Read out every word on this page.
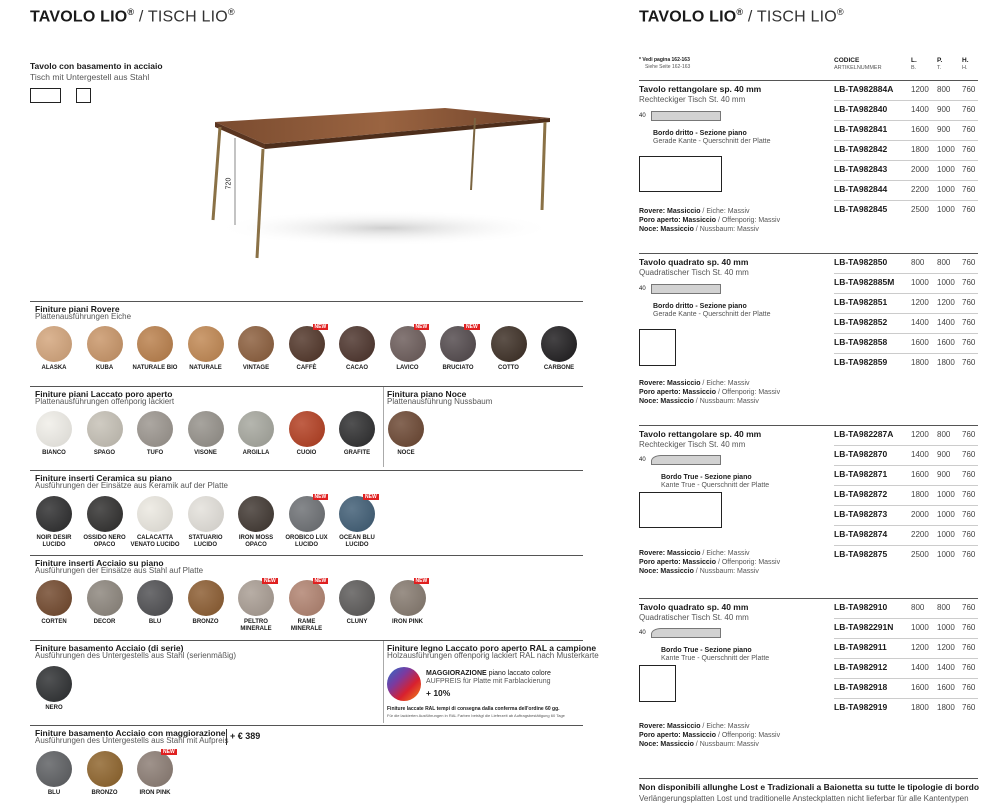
TAVOLO LIO® / TISCH LIO®
Tavolo con basamento in acciaio
Tisch mit Untergestell aus Stahl
720
Finiture piani Rovere
Plattenausführungen Eiche
ALASKA	KUBA	NATURALE BIO	NATURALE	VINTAGE
NEW
CAFFÈ	CACAO
NEW
LAVICO
NEW
BRUCIATO	COTTO	CARBONE
Finiture piani Laccato poro aperto
Plattenausführungen offenporig lackiert
Finitura piano Noce
Plattenausführung Nussbaum
BIANCO	SPAGO	TUFO	VISONE	ARGILLA	CUOIO	GRAFITE	NOCE
Finiture inserti Ceramica su piano
Ausführungen der Einsätze aus Keramik auf der Platte
NOIR DESIR LUCIDO
OSSIDO NERO OPACO
CALACATTA VENATO LUCIDO
STATUARIO LUCIDO
IRON MOSS OPACO
NEW
OROBICO LUX LUCIDO
NEW
OCEAN BLU LUCIDO
Finiture inserti Acciaio su piano
Ausführungen der Einsätze aus Stahl auf Platte
CORTEN	DECOR	BLU	BRONZO
NEW
PELTRO MINERALE
NEW
RAME MINERALE
CLUNY
NEW
IRON PINK
Finiture basamento Acciaio (di serie)
Ausführungen des Untergestells aus Stahl (serienmäßig)
Finiture legno Laccato poro aperto RAL a campione
Holzausführungen offenporig lackiert RAL nach Musterkarte
MAGGIORAZIONE piano laccato colore
AUFPREIS für Platte mit Farblackierung
+ 10%
Finiture laccate RAL tempi di consegna dalla conferma dell'ordine 60 gg.
Für die lackierten Ausführungen in RAL Farben beträgt die Lieferzeit ab Auftragsbestätigung 60 Tage
NERO
Finiture basamento Acciaio con maggiorazione
Ausführungen des Untergestells aus Stahl mit Aufpreis + € 389
BLU	BRONZO
NEW
IRON PINK
TAVOLO LIO® / TISCH LIO®
* Vedi pagina 162-163
Siehe Seite 162-163
CODICE
ARTIKELNUMMER
L.
B.
P.
T.
H.
H.
Tavolo rettangolare sp. 40 mm
Rechteckiger Tisch St. 40 mm
40
Bordo dritto - Sezione piano
Gerade Kante - Querschnitt der Platte
Rovere: Massiccio / Eiche: Massiv
Poro aperto: Massiccio / Offenporig: Massiv
Noce: Massiccio / Nussbaum: Massiv
LB-TA982884A 1200 800 760
LB-TA982840	1400 900 760
LB-TA982841	1600 900 760
LB-TA982842	1800 1000 760
LB-TA982843	2000 1000 760
LB-TA982844	2200 1000 760
LB-TA982845	2500 1000 760
Tavolo quadrato sp. 40 mm
Quadratischer Tisch St. 40 mm
40
Bordo dritto - Sezione piano
Gerade Kante - Querschnitt der Platte
Rovere: Massiccio / Eiche: Massiv
Poro aperto: Massiccio / Offenporig: Massiv
Noce: Massiccio / Nussbaum: Massiv
LB-TA982850	800 800 760
LB-TA982885M 1000 1000 760
LB-TA982851	1200 1200 760
LB-TA982852	1400 1400 760
LB-TA982858	1600 1600 760
LB-TA982859	1800 1800 760
Tavolo rettangolare sp. 40 mm
Rechteckiger Tisch St. 40 mm
40
Bordo True - Sezione piano
Kante True - Querschnitt der Platte
Rovere: Massiccio / Eiche: Massiv
Poro aperto: Massiccio / Offenporig: Massiv
Noce: Massiccio / Nussbaum: Massiv
LB-TA982287A 1200 800 760
LB-TA982870	1400 900 760
LB-TA982871	1600 900 760
LB-TA982872	1800 1000 760
LB-TA982873	2000 1000 760
LB-TA982874	2200 1000 760
LB-TA982875	2500 1000 760
Tavolo quadrato sp. 40 mm
Quadratischer Tisch St. 40 mm
40
Bordo True - Sezione piano
Kante True - Querschnitt der Platte
Rovere: Massiccio / Eiche: Massiv
Poro aperto: Massiccio / Offenporig: Massiv
Noce: Massiccio / Nussbaum: Massiv
LB-TA982910	800 800 760
LB-TA982291N 1000 1000 760
LB-TA982911	1200 1200 760
LB-TA982912	1400 1400 760
LB-TA982918	1600 1600 760
LB-TA982919	1800 1800 760
Non disponibili allunghe Lost e Tradizionali a Baionetta su tutte le tipologie di bordo
Verlängerungsplatten Lost und traditionelle Ansteckplatten nicht lieferbar für alle Kantentypen
